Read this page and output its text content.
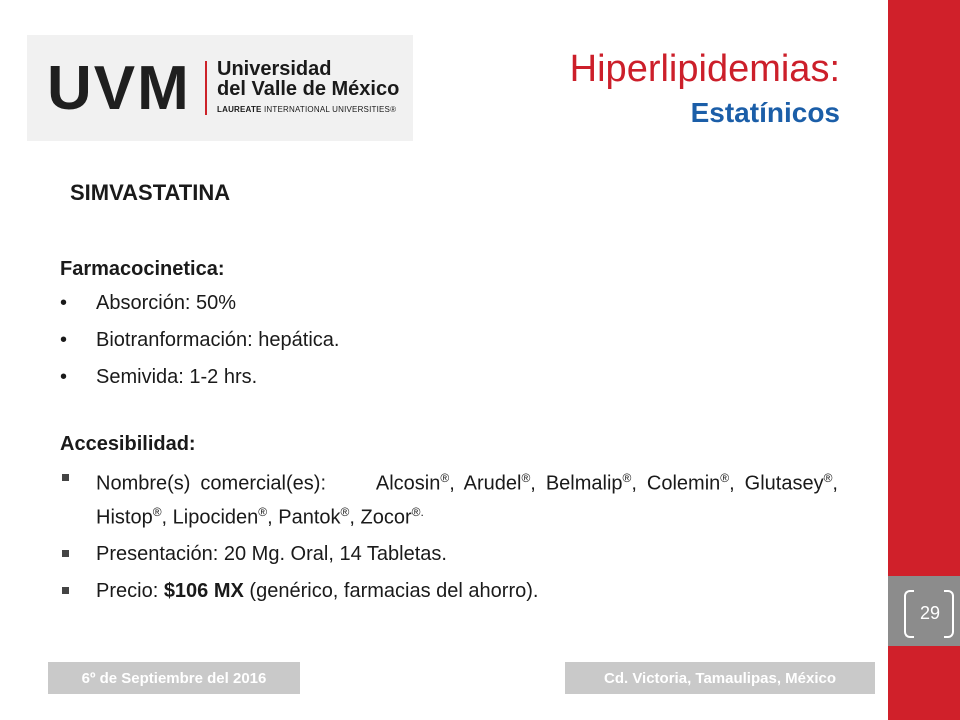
29
UVM Universidad
del Valle de México
LAUREATE INTERNATIONAL UNIVERSITIES®
Hiperlipidemias:
Estatínicos
SIMVASTATINA

Farmacocinetica:

• Absorción: 50%
• Biotranformación: hepática.
• Semivida: 1-2 hrs.

Accesibilidad:

Nombre(s) comercial(es):     Alcosin®, Arudel®, Belmalip®, Colemin®, Glutasey®, Histop®, Lipociden®, Pantok®, Zocor®.
Presentación: 20 Mg. Oral, 14 Tabletas.
Precio: $106 MX (genérico, farmacias del ahorro).
6º de Septiembre del 2016	Cd. Victoria, Tamaulipas, México
